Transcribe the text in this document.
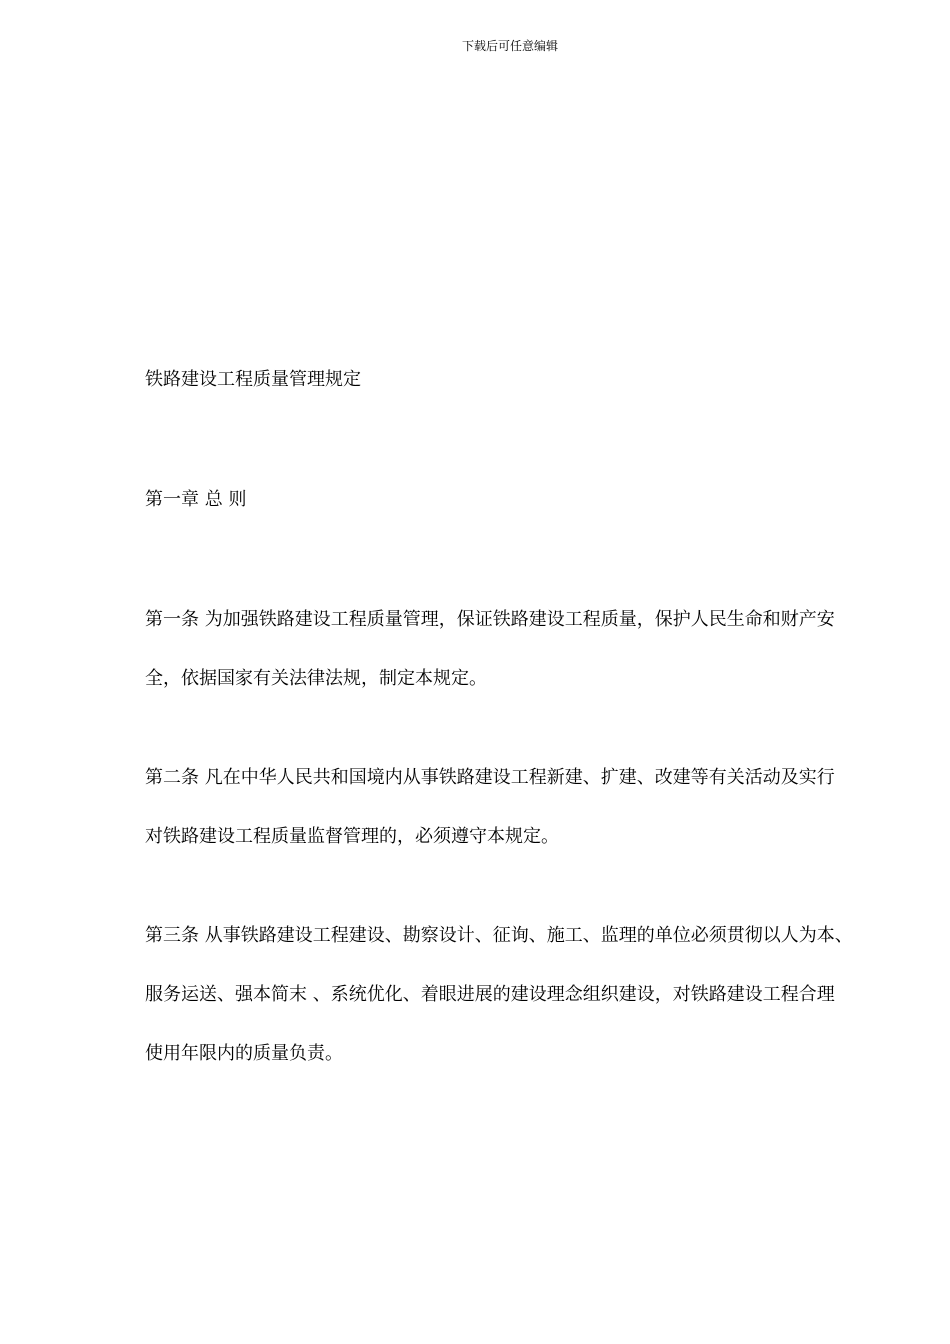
下载后可任意编辑

铁路建设工程质量管理规定

第一章 总 则

第一条 为加强铁路建设工程质量管理，保证铁路建设工程质量，保护人民生命和财产安

全，依据国家有关法律法规，制定本规定。

第二条 凡在中华人民共和国境内从事铁路建设工程新建、扩建、改建等有关活动及实行

对铁路建设工程质量监督管理的，必须遵守本规定。

第三条 从事铁路建设工程建设、勘察设计、征询、施工、监理的单位必须贯彻以人为本、

服务运送、强本简末 、系统优化、着眼进展的建设理念组织建设，对铁路建设工程合理

使用年限内的质量负责。
